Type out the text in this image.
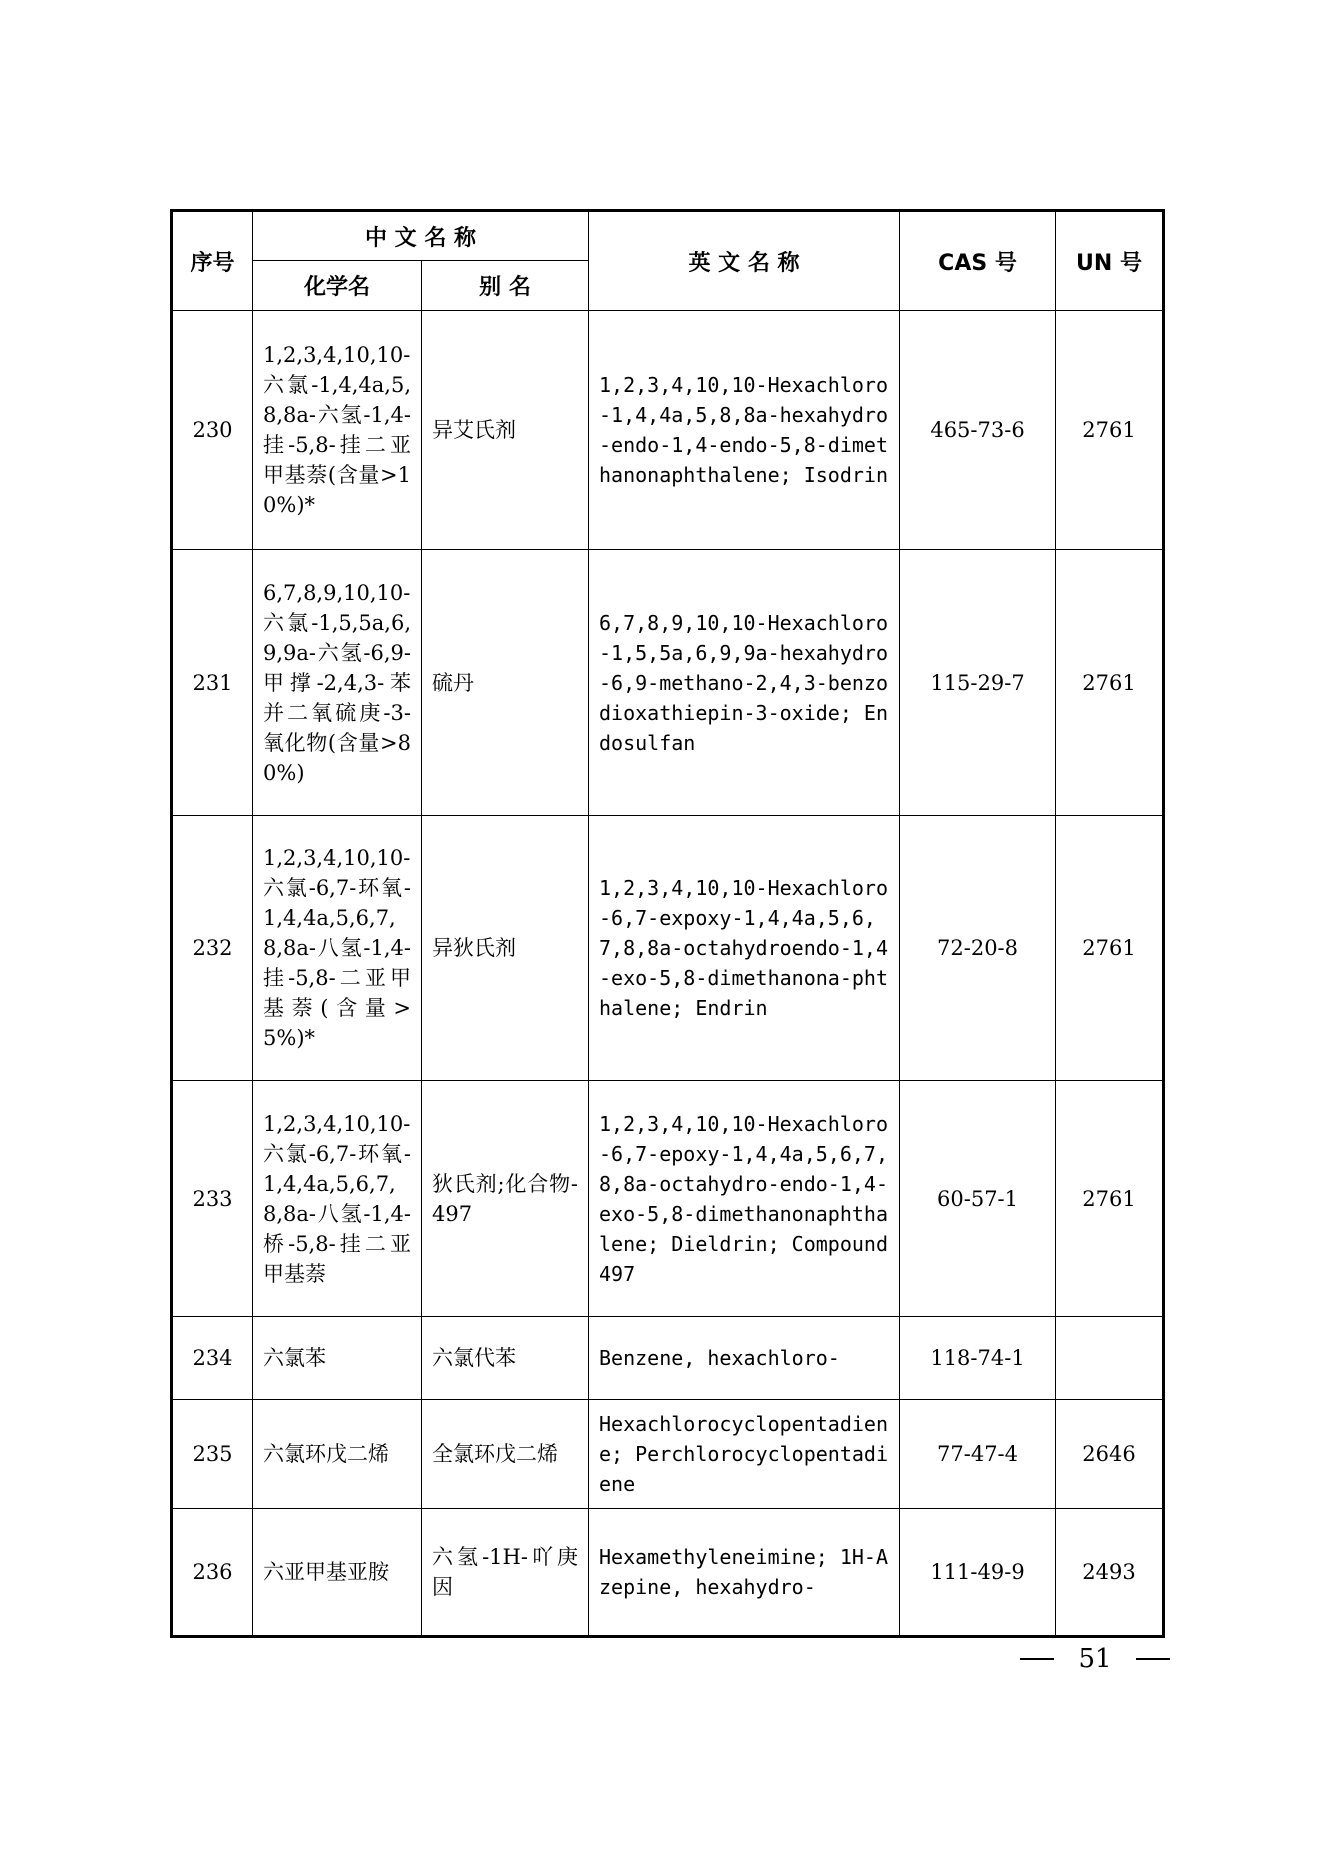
序号	中 文 名 称		英 文 名 称	CAS 号	UN 号
	化学名	别 名			
230	1,2,3,4,10,10-六氯-1,4,4a,5,8,8a-六氢-1,4-挂-5,8-挂二亚甲基萘(含量>10%)*	异艾氏剂	1,2,3,4,10,10-Hexachloro-1,4,4a,5,8,8a-hexahydro-endo-1,4-endo-5,8-dimethanonaphthalene; Isodrin	465-73-6	2761
231	6,7,8,9,10,10-六氯-1,5,5a,6,9,9a-六氢-6,9-甲撑-2,4,3-苯并二氧硫庚-3-氧化物(含量>80%)	硫丹	6,7,8,9,10,10-Hexachloro-1,5,5a,6,9,9a-hexahydro-6,9-methano-2,4,3-benzodioxathiepin-3-oxide; Endosulfan	115-29-7	2761
232	1,2,3,4,10,10-六氯-6,7-环氧-1,4,4a,5,6,7,8,8a-八氢-1,4-挂-5,8-二亚甲基萘(含量>5%)*	异狄氏剂	1,2,3,4,10,10-Hexachloro-6,7-expoxy-1,4,4a,5,6,7,8,8a-octahydroendo-1,4-exo-5,8-dimethanona-phthalene; Endrin	72-20-8	2761
233	1,2,3,4,10,10-六氯-6,7-环氧-1,4,4a,5,6,7,8,8a-八氢-1,4-桥-5,8-挂二亚甲基萘	狄氏剂;化合物-497	1,2,3,4,10,10-Hexachloro-6,7-epoxy-1,4,4a,5,6,7,8,8a-octahydro-endo-1,4-exo-5,8-dimethanonaphthalene; Dieldrin; Compound 497	60-57-1	2761
234	六氯苯	六氯代苯	Benzene, hexachloro-	118-74-1	
235	六氯环戊二烯	全氯环戊二烯	Hexachlorocyclopentadiene; Perchlorocyclopentadiene	77-47-4	2646
236	六亚甲基亚胺	六氢-1H-吖庚因	Hexamethyleneimine; 1H-Azepine, hexahydro-	111-49-9	2493
51
